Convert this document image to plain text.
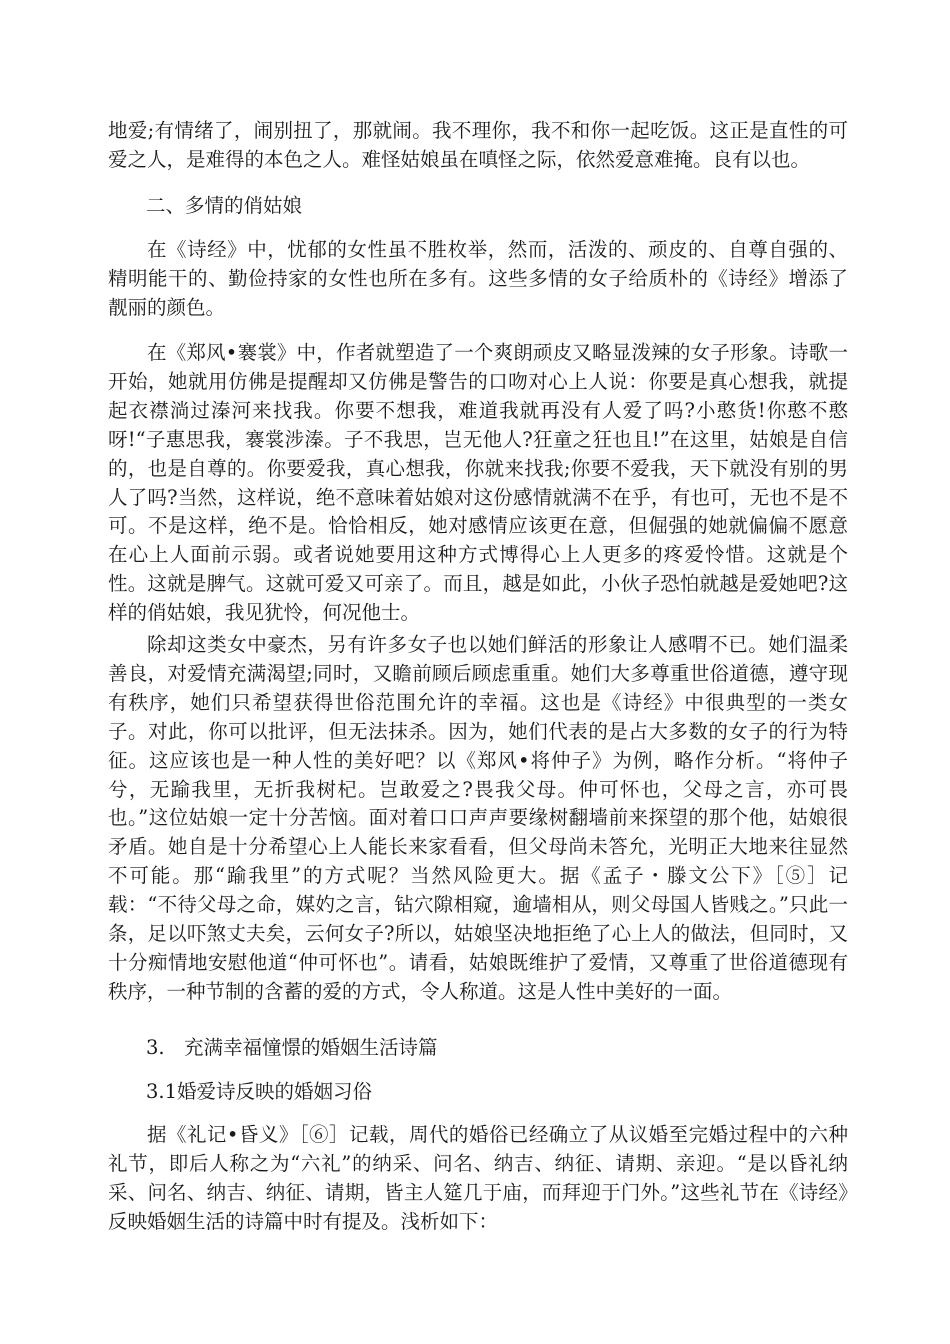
地爱;有情绪了，闹别扭了，那就闹。我不理你，我不和你一起吃饭。这正是直性的可爱之人，是难得的本色之人。难怪姑娘虽在嗔怪之际，依然爱意难掩。良有以也。

二、多情的俏姑娘

在《诗经》中，忧郁的女性虽不胜枚举，然而，活泼的、顽皮的、自尊自强的、精明能干的、勤俭持家的女性也所在多有。这些多情的女子给质朴的《诗经》增添了靓丽的颜色。

在《郑风•褰裳》中，作者就塑造了一个爽朗顽皮又略显泼辣的女子形象。诗歌一开始，她就用仿佛是提醒却又仿佛是警告的口吻对心上人说：你要是真心想我，就提起衣襟淌过溱河来找我。你要不想我，难道我就再没有人爱了吗?小憨货!你憨不憨呀!“子惠思我，褰裳涉溱。子不我思，岂无他人?狂童之狂也且!”在这里，姑娘是自信的，也是自尊的。你要爱我，真心想我，你就来找我;你要不爱我，天下就没有别的男人了吗?当然，这样说，绝不意味着姑娘对这份感情就满不在乎，有也可，无也不是不可。不是这样，绝不是。恰恰相反，她对感情应该更在意，但倔强的她就偏偏不愿意在心上人面前示弱。或者说她要用这种方式博得心上人更多的疼爱怜惜。这就是个性。这就是脾气。这就可爱又可亲了。而且，越是如此，小伙子恐怕就越是爱她吧?这样的俏姑娘，我见犹怜，何况他士。

除却这类女中豪杰，另有许多女子也以她们鲜活的形象让人感喟不已。她们温柔善良，对爱情充满渴望;同时，又瞻前顾后顾虑重重。她们大多尊重世俗道德，遵守现有秩序，她们只希望获得世俗范围允许的幸福。这也是《诗经》中很典型的一类女子。对此，你可以批评，但无法抹杀。因为，她们代表的是占大多数的女子的行为特征。这应该也是一种人性的美好吧？以《郑风•将仲子》为例，略作分析。“将仲子兮，无踰我里，无折我树杞。岂敢爱之?畏我父母。仲可怀也，父母之言，亦可畏也。”这位姑娘一定十分苦恼。面对着口口声声要缘树翻墙前来探望的那个他，姑娘很矛盾。她自是十分希望心上人能长来家看看，但父母尚未答允，光明正大地来往显然不可能。那“踰我里”的方式呢？当然风险更大。据《孟子・滕文公下》［⑤］记载：“不待父母之命，媒妁之言，钻穴隙相窥，逾墙相从，则父母国人皆贱之。”只此一条，足以吓煞丈夫矣，云何女子?所以，姑娘坚决地拒绝了心上人的做法，但同时，又十分痴情地安慰他道“仲可怀也”。请看，姑娘既维护了爱情，又尊重了世俗道德现有秩序，一种节制的含蓄的爱的方式，令人称道。这是人性中美好的一面。

3. 充满幸福憧憬的婚姻生活诗篇

3.1婚爱诗反映的婚姻习俗

据《礼记•昏义》［⑥］记载，周代的婚俗已经确立了从议婚至完婚过程中的六种礼节，即后人称之为“六礼”的纳采、问名、纳吉、纳征、请期、亲迎。“是以昏礼纳采、问名、纳吉、纳征、请期，皆主人筵几于庙，而拜迎于门外。”这些礼节在《诗经》反映婚姻生活的诗篇中时有提及。浅析如下：
